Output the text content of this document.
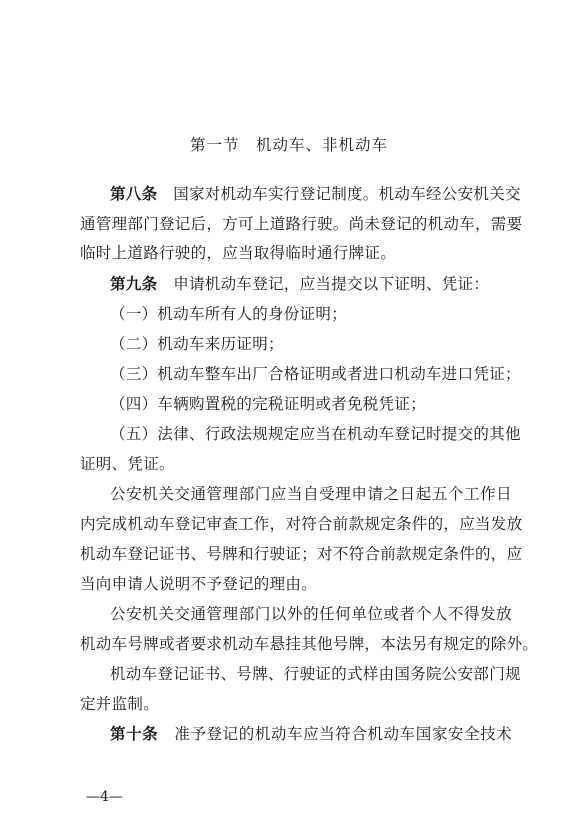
第一节　机动车、非机动车
第八条　国家对机动车实行登记制度。机动车经公安机关交
通管理部门登记后，方可上道路行驶。尚未登记的机动车，需要
临时上道路行驶的，应当取得临时通行牌证。
第九条　申请机动车登记，应当提交以下证明、凭证：
（一）机动车所有人的身份证明；
（二）机动车来历证明；
（三）机动车整车出厂合格证明或者进口机动车进口凭证；
（四）车辆购置税的完税证明或者免税凭证；
（五）法律、行政法规规定应当在机动车登记时提交的其他
证明、凭证。
公安机关交通管理部门应当自受理申请之日起五个工作日
内完成机动车登记审查工作，对符合前款规定条件的，应当发放
机动车登记证书、号牌和行驶证；对不符合前款规定条件的，应
当向申请人说明不予登记的理由。
公安机关交通管理部门以外的任何单位或者个人不得发放
机动车号牌或者要求机动车悬挂其他号牌，本法另有规定的除外。
机动车登记证书、号牌、行驶证的式样由国务院公安部门规
定并监制。
第十条　准予登记的机动车应当符合机动车国家安全技术
—4—
